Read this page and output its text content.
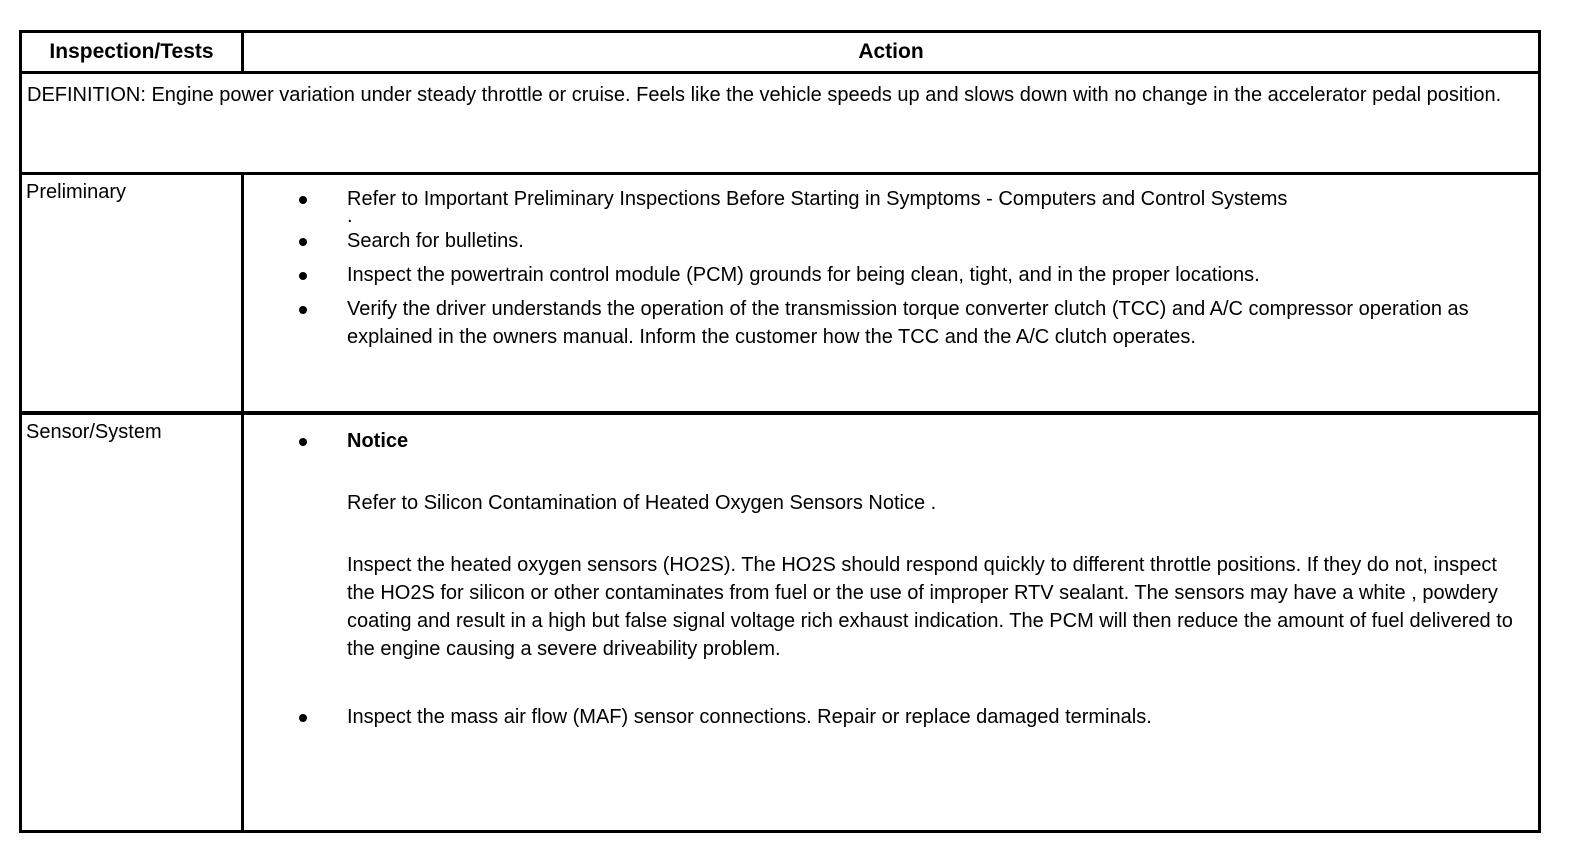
Inspection/Tests	Action
DEFINITION: Engine power variation under steady throttle or cruise. Feels like the vehicle speeds up and slows down with no change in the accelerator pedal position.
Preliminary	Refer to Important Preliminary Inspections Before Starting in Symptoms - Computers and Control Systems
.
Search for bulletins.
Inspect the powertrain control module (PCM) grounds for being clean, tight, and in the proper locations.
Verify the driver understands the operation of the transmission torque converter clutch (TCC) and A/C compressor operation as explained in the owners manual. Inform the customer how the TCC and the A/C clutch operates.
Sensor/System	Notice
Refer to Silicon Contamination of Heated Oxygen Sensors Notice .
Inspect the heated oxygen sensors (HO2S). The HO2S should respond quickly to different throttle positions. If they do not, inspect the HO2S for silicon or other contaminates from fuel or the use of improper RTV sealant. The sensors may have a white , powdery coating and result in a high but false signal voltage rich exhaust indication. The PCM will then reduce the amount of fuel delivered to the engine causing a severe driveability problem.
Inspect the mass air flow (MAF) sensor connections. Repair or replace damaged terminals.
